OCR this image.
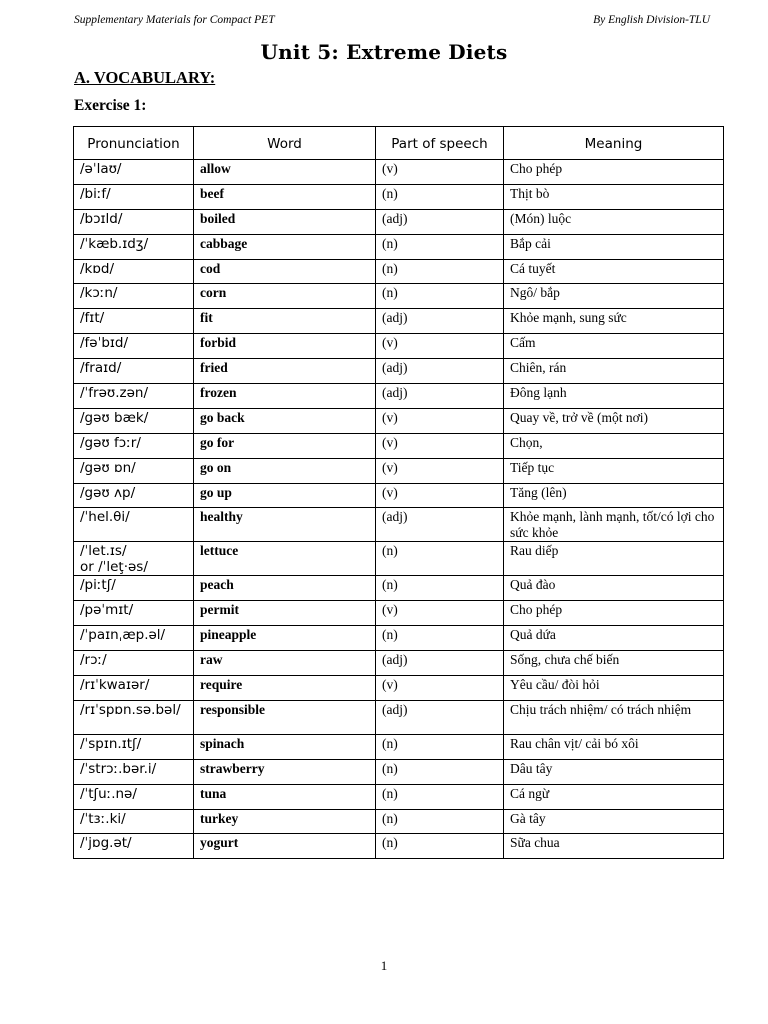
Supplementary Materials for Compact PET	By English Division-TLU
Unit 5: Extreme Diets
A. VOCABULARY:
Exercise 1:
Pronunciation	Word	Part of speech	Meaning
/əˈlaʊ/	allow	(v)	Cho phép
/biːf/	beef	(n)	Thịt bò
/bɔɪld/	boiled	(adj)	(Món) luộc
/ˈkæb.ɪdʒ/	cabbage	(n)	Bắp cải
/kɒd/	cod	(n)	Cá tuyết
/kɔːn/	corn	(n)	Ngô/ bắp
/fɪt/	fit	(adj)	Khỏe mạnh, sung sức
/fəˈbɪd/	forbid	(v)	Cấm
/fraɪd/	fried	(adj)	Chiên, rán
/ˈfrəʊ.zən/	frozen	(adj)	Đông lạnh
/gəʊ bæk/	go back	(v)	Quay về, trở về (một nơi)
/gəʊ fɔːr/	go for	(v)	Chọn,
/gəʊ ɒn/	go on	(v)	Tiếp tục
/gəʊ ʌp/	go up	(v)	Tăng (lên)
/ˈhel.θi/	healthy	(adj)	Khỏe mạnh, lành mạnh, tốt/có lợi cho sức khỏe
/ˈlet.ɪs/
or /ˈleţ·əs/	lettuce	(n)	Rau diếp
/piːtʃ/	peach	(n)	Quả đào
/pəˈmɪt/	permit	(v)	Cho phép
/ˈpaɪnˌæp.əl/	pineapple	(n)	Quả dứa
/rɔː/	raw	(adj)	Sống, chưa chế biến
/rɪˈkwaɪər/	require	(v)	Yêu cầu/ đòi hỏi
/rɪˈspɒn.sə.bəl/	responsible	(adj)	Chịu trách nhiệm/ có trách nhiệm
/ˈspɪn.ɪtʃ/	spinach	(n)	Rau chân vịt/ cải bó xôi
/ˈstrɔː.bər.i/	strawberry	(n)	Dâu tây
/ˈtʃuː.nə/	tuna	(n)	Cá ngừ
/ˈtɜː.ki/	turkey	(n)	Gà tây
/ˈjɒg.ət/	yogurt	(n)	Sữa chua
1
